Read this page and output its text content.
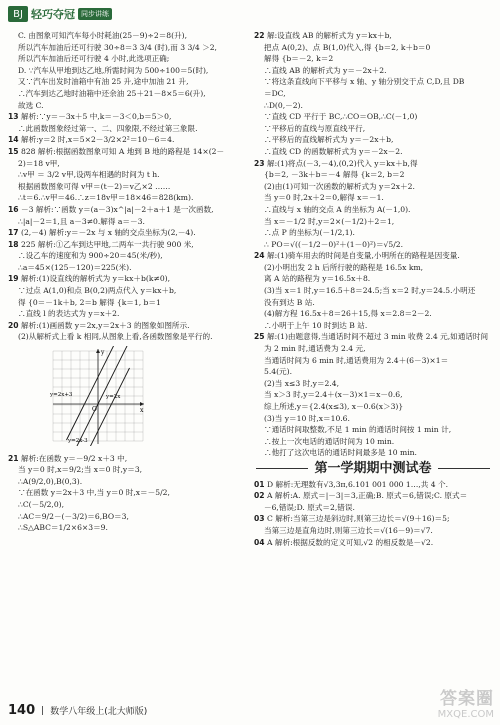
BJ 轻巧夺冠 同步讲练
C. 由图象可知汽车每小时耗油(25－9)÷2＝8(升),
所以汽车加油后还可行驶 30÷8＝3 3/4 (时),而 3 3/4 ＞2,
所以汽车加油后还可行驶 4 小时,此选项正确;
D. ∵汽车从甲地到达乙地,所需时间为 500÷100＝5(时),
又∵汽车出发时油箱中有油 25 升,途中加油 21 升,
∴汽车到达乙地时油箱中还余油 25＋21－8×5＝6(升),
故选 C.
13 解析:∵y＝－3x＋5 中,k＝－3＜0,b＝5＞0,
∴此函数图象经过第一、二、四象限,不经过第三象限.
14 解析:y＝2 时,x＝5×2－3/2×2²＝10－6＝4.
15 828 解析:根据函数图象可知 A 地到 B 地的路程是 14×(2－
2)＝18 v甲,
∴v甲 ＝ 3/2 v甲,设两车相遇的时间为 t h.
根据函数图象可得 v甲＝(t－2)＝v乙×2 ……
∴t＝6.∴v甲＝46.∴z＝18v甲＝18×46＝828(km).
16 －3 解析:∵函数 y＝(a－3)x^|a|－2＋a＋1 是一次函数,
∴|a|－2＝1,且 a－3≠0.解得 a＝－3.
17 (2,－4) 解析:y＝－2x 与 x 轴的交点坐标为(2,－4).
18 225 解析:①乙车到达甲地,二两车一共行驶 900 米,
∴设乙车的速度和为 900÷20＝45(米/秒),
∴a＝45×(125－120)＝225(米).
19 解析:(1)设直线的解析式为 y＝kx＋b(k≠0),
∵过点 A(1,0)和点 B(0,2)两点代入 y＝kx＋b,
得 {0＝－1k＋b, 2＝b 解得 {k＝1, b＝1
∴直线 l 的表达式为 y＝x＋2.
20 解析:(1)画函数 y＝2x,y＝2x＋3 的图象如图所示.
(2)从解析式上看 k 相同,从图象上看,各函数图象是平行的.
x
y
O
y=2x+3	y=2x
y=2x-3
21 解析:在函数 y＝－9/2 x＋3 中,
当 y＝0 时,x＝9/2;当 x＝0 时,y＝3,
∴A(9/2,0),B(0,3).
∵在函数 y＝2x＋3 中,当 y＝0 时,x＝－5/2,
∴C(－5/2,0),
∴AC＝9/2－(－3/2)＝6,BO＝3,
∴S△ABC＝1/2×6×3＝9.
22 解:设直线 AB 的解析式为 y＝kx＋b,
把点 A(0,2)、点 B(1,0)代入,得 {b＝2, k＋b＝0
解得 {b＝－2, k＝2
∴直线 AB 的解析式为 y＝－2x＋2.
∵将这条直线向下平移与 x 轴、y 轴分别交于点 C,D,且 DB
＝DC,
∴D(0,－2).
∵直线 CD 平行于 BC,∴CO＝OB,∴C(－1,0)
∵平移后的直线与原直线平行,
∴平移后的直线解析式为 y＝－2x＋b,
∴直线 CD 的函数解析式为 y＝－2x－2.
23 解:(1)将点(－3,－4),(0,2)代入 y＝kx＋b,得
{b＝2, －3k＋b＝－4 解得 {k＝2, b＝2
(2)由(1)可知一次函数的解析式为 y＝2x＋2.
当 y＝0 时,2x＋2＝0,解得 x＝－1.
∴直线与 x 轴的交点 A 的坐标为 A(－1,0).
当 x＝－1/2 时,y＝2×(－1/2)＋2＝1,
∴点 P 的坐标为(－1/2,1).
∴ PO＝√((－1/2－0)²＋(1－0)²)＝√5/2.
24 解:(1)骑车用去的时间是自变量,小明所在的路程是因变量.
(2)小明出发 2 h 后所行驶的路程是 16.5x km,
离 A 站的路程为 y＝16.5x＋8.
(3)当 x＝1 时,y＝16.5＋8＝24.5;当 x＝2 时,y＝24.5.小明还
没有到达 B 站.
(4)解方程 16.5x＋8＝26＋15,得 x＝2.8＝2－2.
∴小明于上午 10 时到达 B 站.
25 解:(1)由题意得,当通话时间不超过 3 min 收费 2.4 元,如通话时间
为 2 min 时,通话费为 2.4 元,
当通话时间为 6 min 时,通话费用为 2.4＋(6－3)×1＝
5.4(元).
(2)当 x≤3 时,y＝2.4,
当 x＞3 时,y＝2.4＋(x－3)×1＝x－0.6,
综上所述,y＝{2.4(x≤3), x－0.6(x＞3)}
(3)当 y＝10 时,x＝10.6.
∵通话时间取整数,不足 1 min 的通话时间按 1 min 计,
∴按上一次电话的通话时间为 10 min.
∴他打了这次电话的通话时间最多是 10 min.
第一学期期中测试卷
01 D 解析:无理数有√3,3π,6.101 001 000 1…,共 4 个.
02 A 解析:A. 原式＝|－3|＝3,正确;B. 原式＝6,错误;C. 原式＝
－6,错误;D. 原式＝2,错误.
03 C 解析:当第三边是斜边时,则第三边长＝√(9＋16)＝5;
当第三边是直角边时,则第三边长＝√(16－9)＝√7.
04 A 解析:根据反数的定义可知,√2 的相反数是－√2.
140 | 数学八年级上(北大师版)
答案圈
MXQE.COM
